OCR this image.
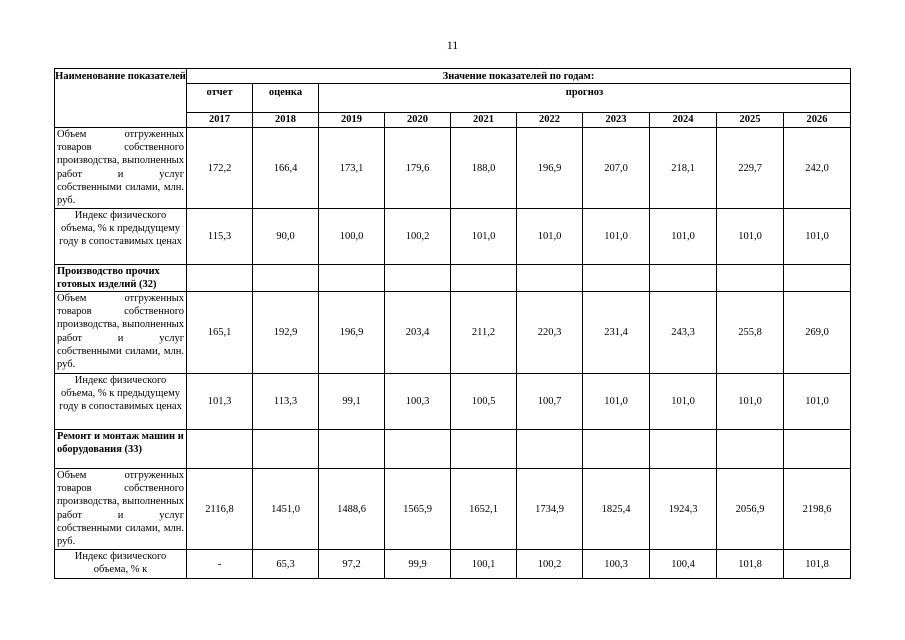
11
Наименование показателей	Значение показателей по годам:									
	отчет	оценка	прогноз							
	2017	2018	2019	2020	2021	2022	2023	2024	2025	2026
Объем отгруженных товаров собственного производства, выполненных работ и услуг собственными силами, млн. руб.	172,2	166,4	173,1	179,6	188,0	196,9	207,0	218,1	229,7	242,0
Индекс физического объема, % к предыдущему году в сопоставимых ценах	115,3	90,0	100,0	100,2	101,0	101,0	101,0	101,0	101,0	101,0
Производство прочих готовых изделий (32)										
Объем отгруженных товаров собственного производства, выполненных работ и услуг собственными силами, млн. руб.	165,1	192,9	196,9	203,4	211,2	220,3	231,4	243,3	255,8	269,0
Индекс физического объема, % к предыдущему году в сопоставимых ценах	101,3	113,3	99,1	100,3	100,5	100,7	101,0	101,0	101,0	101,0
Ремонт и монтаж машин и оборудования (33)										
Объем отгруженных товаров собственного производства, выполненных работ и услуг собственными силами, млн. руб.	2116,8	1451,0	1488,6	1565,9	1652,1	1734,9	1825,4	1924,3	2056,9	2198,6
Индекс физического объема, % к	-	65,3	97,2	99,9	100,1	100,2	100,3	100,4	101,8	101,8
